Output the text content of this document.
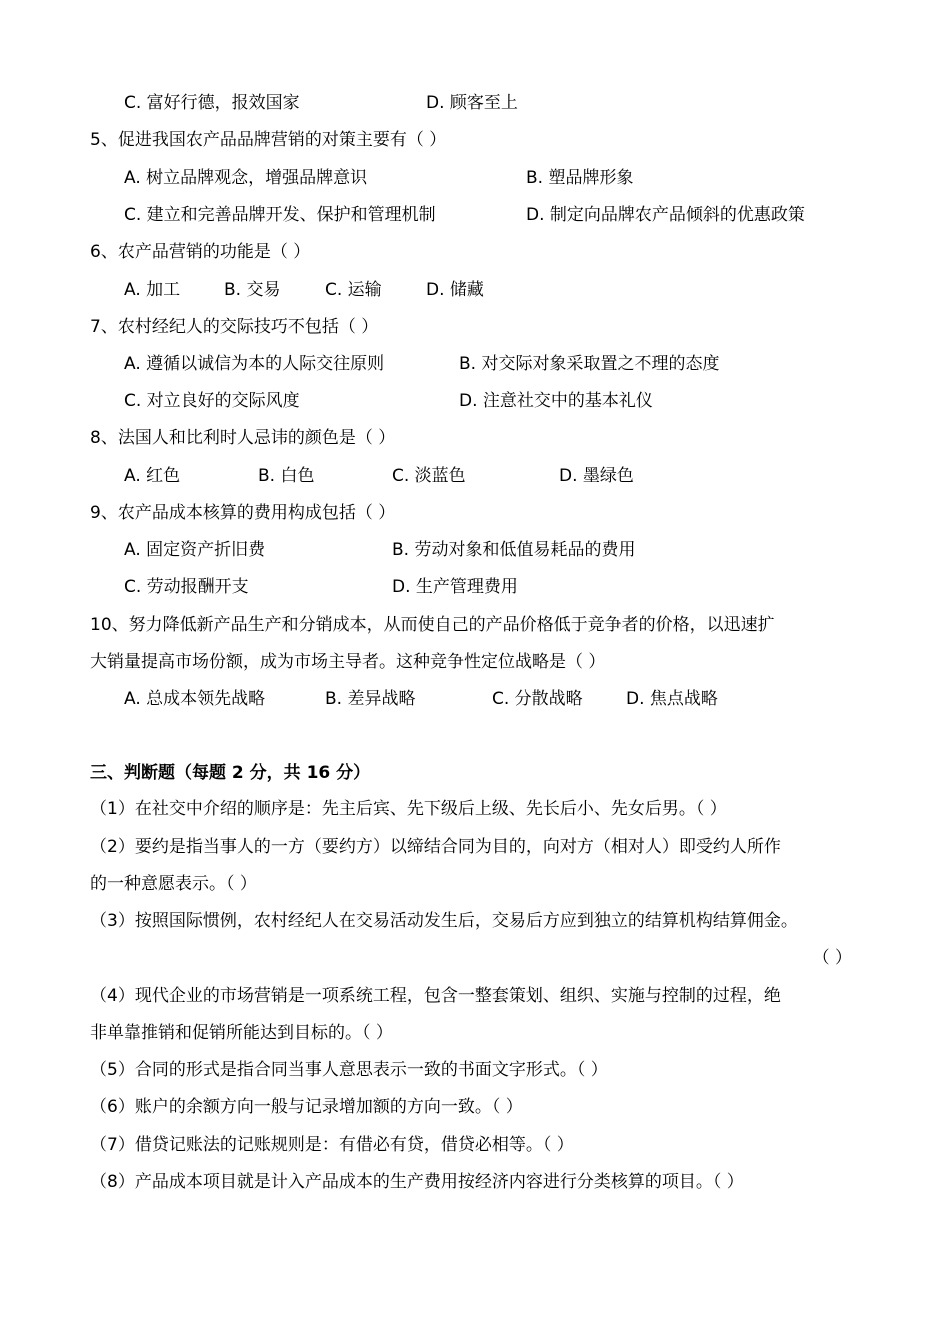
C. 富好行德，报效国家	D. 顾客至上
5、促进我国农产品品牌营销的对策主要有（ ）
A. 树立品牌观念，增强品牌意识	B. 塑品牌形象
C. 建立和完善品牌开发、保护和管理机制	D. 制定向品牌农产品倾斜的优惠政策
6、农产品营销的功能是（ ）
A. 加工	B. 交易	C. 运输	D. 储藏
7、农村经纪人的交际技巧不包括（ ）
A. 遵循以诚信为本的人际交往原则	B. 对交际对象采取置之不理的态度
C. 对立良好的交际风度	D. 注意社交中的基本礼仪
8、法国人和比利时人忌讳的颜色是（ ）
A. 红色	B. 白色	C. 淡蓝色	D. 墨绿色
9、农产品成本核算的费用构成包括（ ）
A. 固定资产折旧费	B. 劳动对象和低值易耗品的费用
C. 劳动报酬开支	D. 生产管理费用
10、努力降低新产品生产和分销成本，从而使自己的产品价格低于竞争者的价格，以迅速扩
大销量提高市场份额，成为市场主导者。这种竞争性定位战略是（ ）
A. 总成本领先战略	B. 差异战略	C. 分散战略	D. 焦点战略
三、判断题（每题 2 分，共 16 分）
（1）在社交中介绍的顺序是：先主后宾、先下级后上级、先长后小、先女后男。（ ）
（2）要约是指当事人的一方（要约方）以缔结合同为目的，向对方（相对人）即受约人所作
的一种意愿表示。（ ）
（3）按照国际惯例，农村经纪人在交易活动发生后，交易后方应到独立的结算机构结算佣金。
（ ）
（4）现代企业的市场营销是一项系统工程，包含一整套策划、组织、实施与控制的过程，绝
非单靠推销和促销所能达到目标的。（ ）
（5）合同的形式是指合同当事人意思表示一致的书面文字形式。（ ）
（6）账户的余额方向一般与记录增加额的方向一致。（ ）
（7）借贷记账法的记账规则是：有借必有贷，借贷必相等。（ ）
（8）产品成本项目就是计入产品成本的生产费用按经济内容进行分类核算的项目。（ ）
